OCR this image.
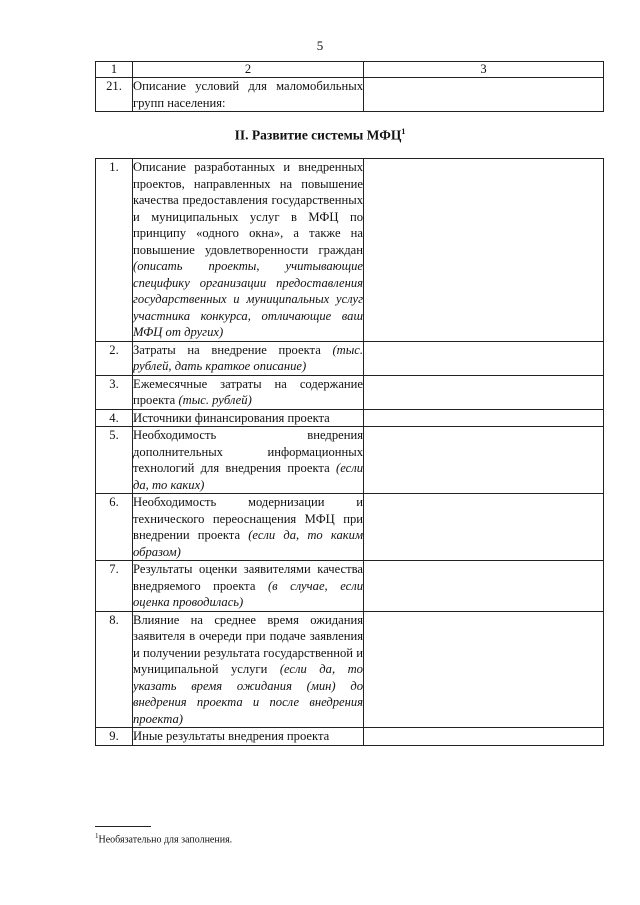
5
1	2	3
21.	Описание условий для маломобильных групп населения:	
II. Развитие системы МФЦ$^1$
1.	Описание разработанных и внедренных проектов, направленных на повышение качества предоставления государственных и муниципальных услуг в МФЦ по принципу «одного окна», а также на повышение удовлетворенности граждан (описать проекты, учитывающие специфику организации предоставления государственных и муниципальных услуг участника конкурса, отличающие ваш МФЦ от других)	
2.	Затраты на внедрение проекта (тыс. рублей, дать краткое описание)	
3.	Ежемесячные затраты на содержание проекта (тыс. рублей)	
4.	Источники финансирования проекта	
5.	Необходимость внедрения дополнительных информационных технологий для внедрения проекта (если да, то каких)	
6.	Необходимость модернизации и технического переоснащения МФЦ при внедрении проекта (если да, то каким образом)	
7.	Результаты оценки заявителями качества внедряемого проекта (в случае, если оценка проводилась)	
8.	Влияние на среднее время ожидания заявителя в очереди при подаче заявления и получении результата государственной и муниципальной услуги (если да, то указать время ожидания (мин) до внедрения проекта и после внедрения проекта)	
9.	Иные результаты внедрения проекта	
$^1$Необязательно для заполнения.
